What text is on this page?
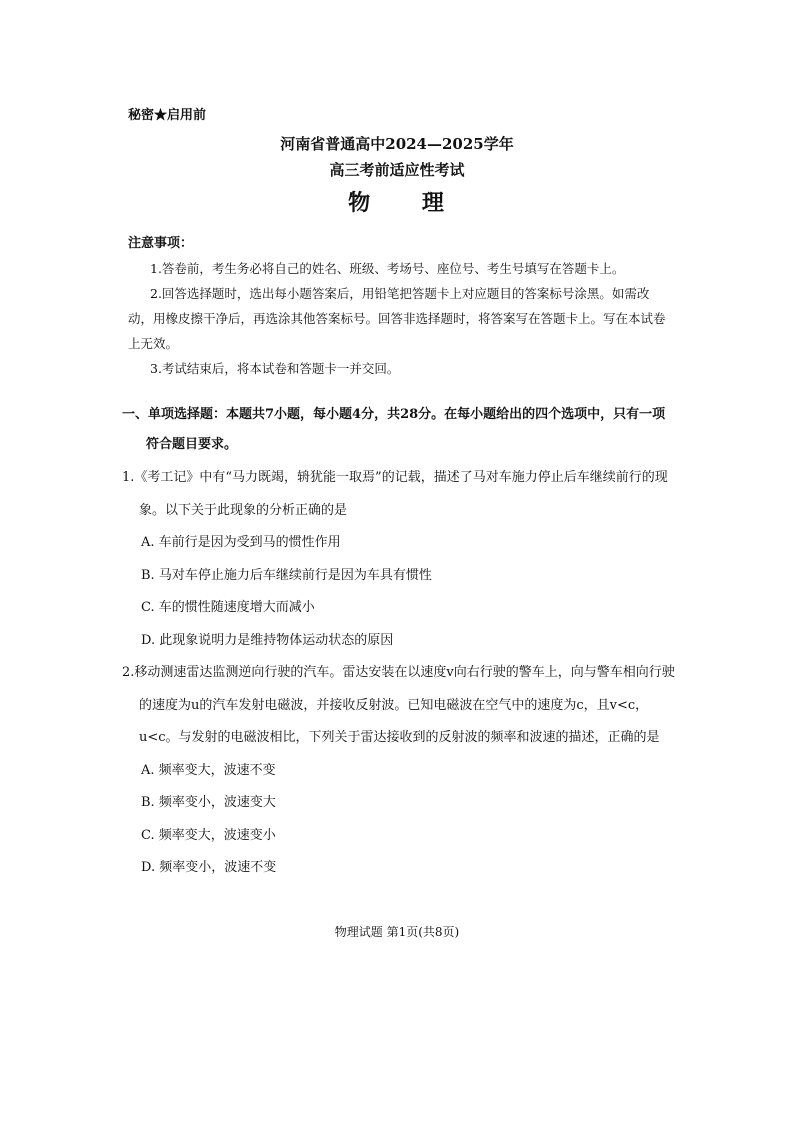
秘密★启用前
河南省普通高中2024—2025学年
高三考前适应性考试
物 理
注意事项：
1.答卷前，考生务必将自己的姓名、班级、考场号、座位号、考生号填写在答题卡上。
2.回答选择题时，选出每小题答案后，用铅笔把答题卡上对应题目的答案标号涂黑。如需改动，用橡皮擦干净后，再选涂其他答案标号。回答非选择题时，将答案写在答题卡上。写在本试卷上无效。
3.考试结束后，将本试卷和答题卡一并交回。
一、单项选择题：本题共7小题，每小题4分，共28分。在每小题给出的四个选项中，只有一项
符合题目要求。
1.《考工记》中有“马力既竭，辀犹能一取焉”的记载，描述了马对车施力停止后车继续前行的现象。以下关于此现象的分析正确的是
A. 车前行是因为受到马的惯性作用
B. 马对车停止施力后车继续前行是因为车具有惯性
C. 车的惯性随速度增大而减小
D. 此现象说明力是维持物体运动状态的原因
2.移动测速雷达监测逆向行驶的汽车。雷达安装在以速度v向右行驶的警车上，向与警车相向行驶的速度为u的汽车发射电磁波，并接收反射波。已知电磁波在空气中的速度为c，且v<c，u<c。与发射的电磁波相比，下列关于雷达接收到的反射波的频率和波速的描述，正确的是
A. 频率变大，波速不变
B. 频率变小，波速变大
C. 频率变大，波速变小
D. 频率变小，波速不变
物理试题 第1页(共8页)
